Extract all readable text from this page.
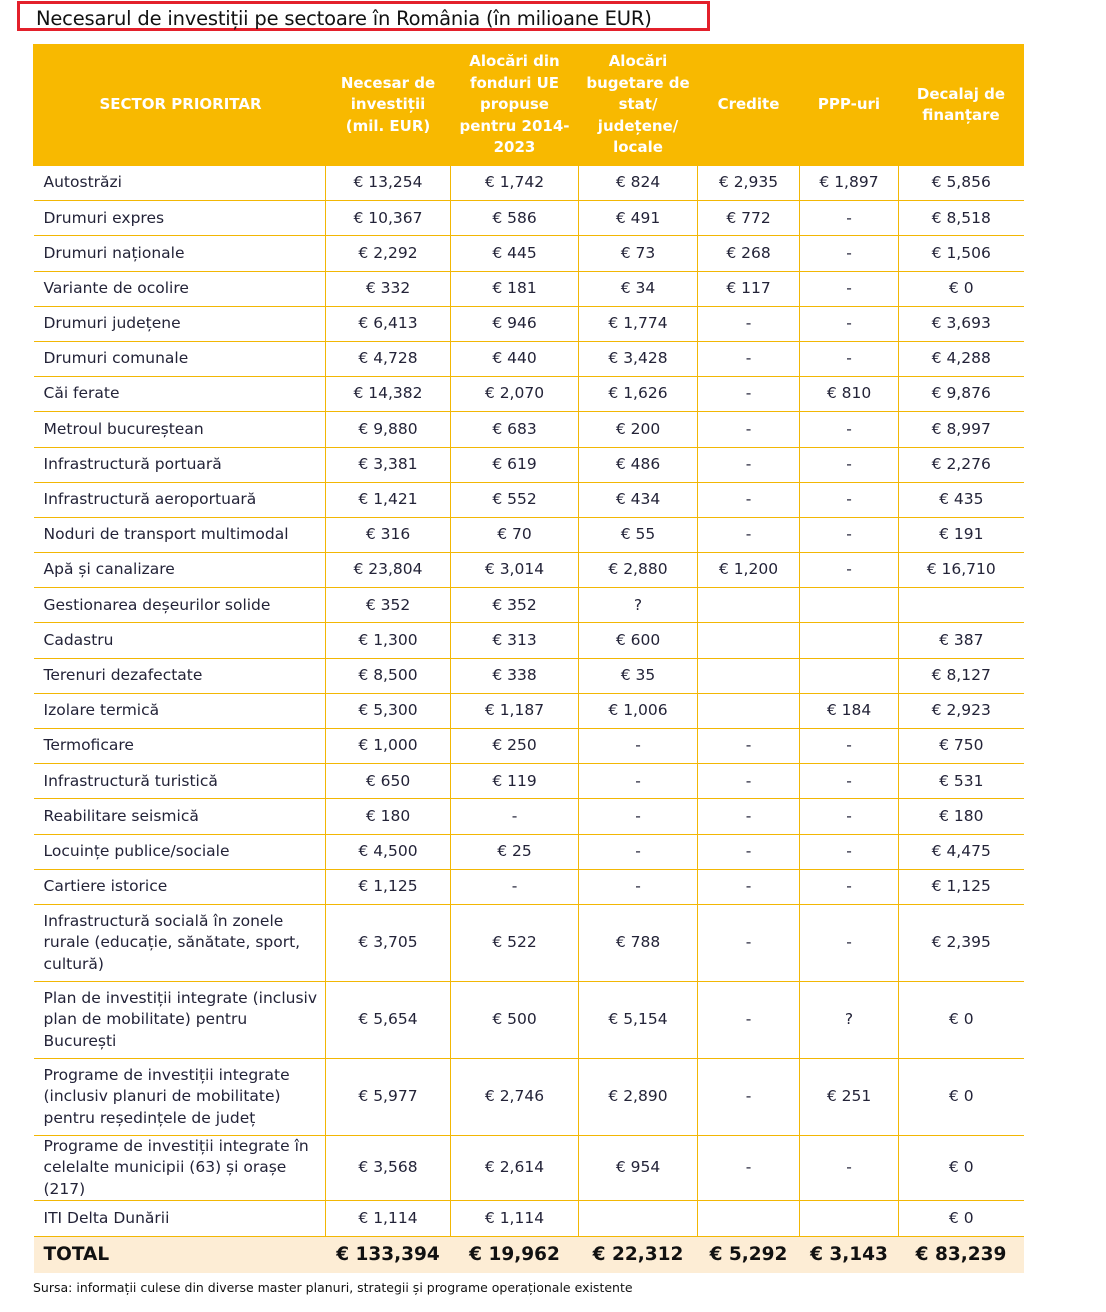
Necesarul de investiții pe sectoare în România (în milioane EUR)
SECTOR PRIORITAR	Necesar de investiții (mil. EUR)	Alocări din fonduri UE propuse pentru 2014-2023	Alocări bugetare de stat/ județene/ locale	Credite	PPP-uri	Decalaj de finanțare
Autostrăzi	€ 13,254	€ 1,742	€ 824	€ 2,935	€ 1,897	€ 5,856
Drumuri expres	€ 10,367	€ 586	€ 491	€ 772	-	€ 8,518
Drumuri naționale	€ 2,292	€ 445	€ 73	€ 268	-	€ 1,506
Variante de ocolire	€ 332	€ 181	€ 34	€ 117	-	€ 0
Drumuri județene	€ 6,413	€ 946	€ 1,774	-	-	€ 3,693
Drumuri comunale	€ 4,728	€ 440	€ 3,428	-	-	€ 4,288
Căi ferate	€ 14,382	€ 2,070	€ 1,626	-	€ 810	€ 9,876
Metroul bucureștean	€ 9,880	€ 683	€ 200	-	-	€ 8,997
Infrastructură portuară	€ 3,381	€ 619	€ 486	-	-	€ 2,276
Infrastructură aeroportuară	€ 1,421	€ 552	€ 434	-	-	€ 435
Noduri de transport multimodal	€ 316	€ 70	€ 55	-	-	€ 191
Apă și canalizare	€ 23,804	€ 3,014	€ 2,880	€ 1,200	-	€ 16,710
Gestionarea deșeurilor solide	€ 352	€ 352	?			
Cadastru	€ 1,300	€ 313	€ 600			€ 387
Terenuri dezafectate	€ 8,500	€ 338	€ 35			€ 8,127
Izolare termică	€ 5,300	€ 1,187	€ 1,006		€ 184	€ 2,923
Termoficare	€ 1,000	€ 250	-	-	-	€ 750
Infrastructură turistică	€ 650	€ 119	-	-	-	€ 531
Reabilitare seismică	€ 180	-	-	-	-	€ 180
Locuințe publice/sociale	€ 4,500	€ 25	-	-	-	€ 4,475
Cartiere istorice	€ 1,125	-	-	-	-	€ 1,125
Infrastructură socială în zonele rurale (educație, sănătate, sport, cultură)	€ 3,705	€ 522	€ 788	-	-	€ 2,395
Plan de investiții integrate (inclusiv plan de mobilitate) pentru București	€ 5,654	€ 500	€ 5,154	-	?	€ 0
Programe de investiții integrate (inclusiv planuri de mobilitate) pentru reședințele de județ	€ 5,977	€ 2,746	€ 2,890	-	€ 251	€ 0
Programe de investiții integrate în celelalte municipii (63) și orașe (217)	€ 3,568	€ 2,614	€ 954	-	-	€ 0
ITI Delta Dunării	€ 1,114	€ 1,114				€ 0
TOTAL	€ 133,394	€ 19,962	€ 22,312	€ 5,292	€ 3,143	€ 83,239
Sursa: informații culese din diverse master planuri, strategii și programe operaționale existente
